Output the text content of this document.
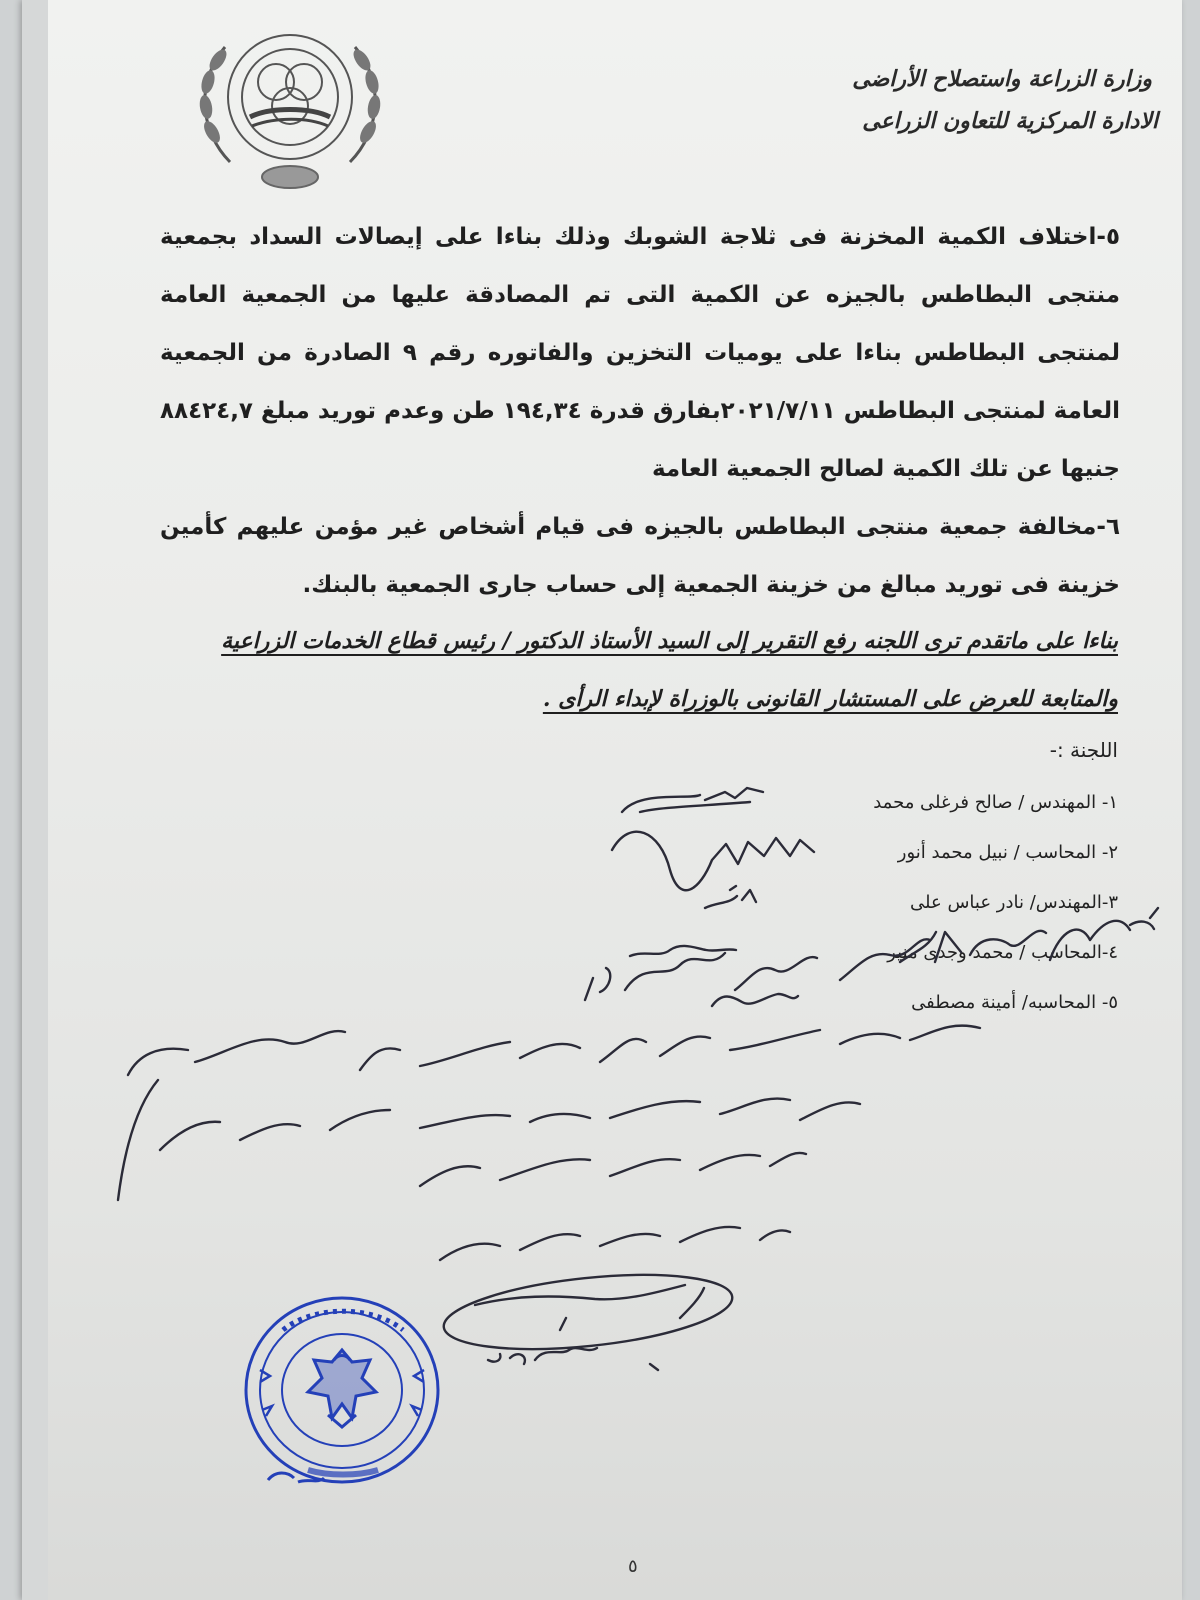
وزارة الزراعة واستصلاح الأراضى
الادارة المركزية للتعاون الزراعى

٥-اختلاف الكمية المخزنة فى ثلاجة الشوبك وذلك بناءا على إيصالات السداد بجمعية منتجى البطاطس بالجيزه عن الكمية التى تم المصادقة عليها من الجمعية العامة لمنتجى البطاطس بناءا على يوميات التخزين والفاتوره رقم ٩ الصادرة من الجمعية العامة لمنتجى البطاطس ٢٠٢١/٧/١١بفارق قدرة ١٩٤,٣٤ طن وعدم توريد مبلغ ٨٨٤٢٤,٧ جنيها عن تلك الكمية لصالح الجمعية العامة

٦-مخالفة جمعية منتجى البطاطس بالجيزه فى قيام أشخاص غير مؤمن عليهم كأمين خزينة فى توريد مبالغ من خزينة الجمعية إلى حساب جارى الجمعية بالبنك.

بناءا على ماتقدم ترى اللجنه رفع التقرير إلى السيد الأستاذ الدكتور / رئيس قطاع الخدمات الزراعية والمتابعة للعرض على المستشار القانونى بالوزراة لإبداء الرأى .
اللجنة :-
١- المهندس / صالح فرغلى محمد
٢- المحاسب / نبيل محمد أنور
٣-المهندس/ نادر عباس على
٤-المحاسب / محمد وجدى منير
٥- المحاسبه/ أمينة مصطفى
٥
